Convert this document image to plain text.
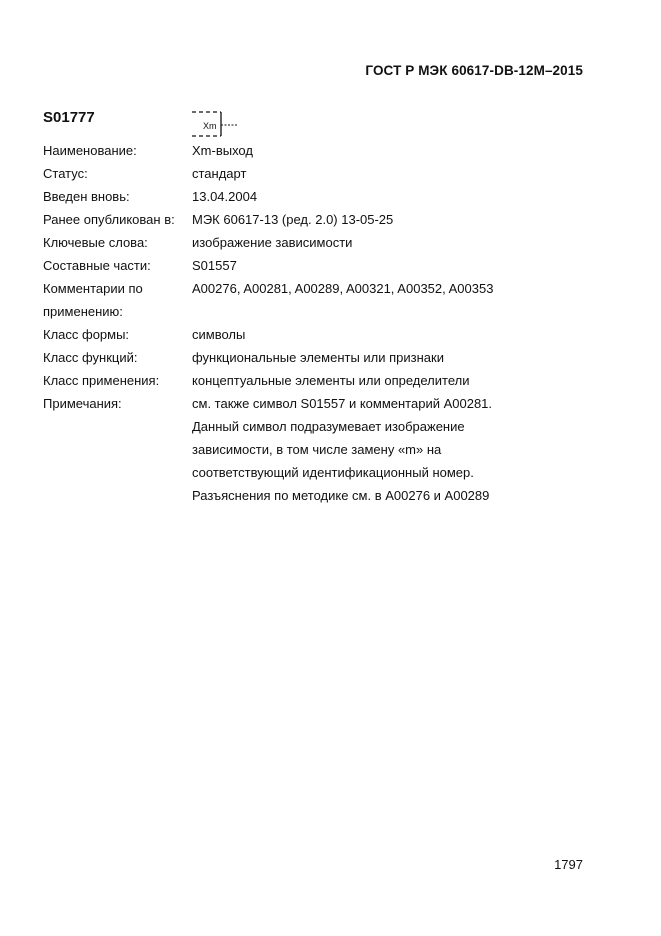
ГОСТ Р МЭК 60617-DB-12M–2015
S01777	Xm
Наименование:	Xm-выход
Статус:	стандарт
Введен вновь:	13.04.2004
Ранее опубликован в: МЭК 60617-13 (ред. 2.0) 13-05-25
Ключевые слова:	изображение зависимости
Составные части:	S01557
Комментарии по	A00276, A00281, A00289, A00321, A00352, A00353
применению:
Класс формы:	символы
Класс функций:	функциональные элементы или признаки
Класс применения:	концептуальные элементы или определители
Примечания:	см. также символ S01557 и комментарий A00281.
Данный символ подразумевает изображение
зависимости, в том числе замену «m» на
соответствующий идентификационный номер.
Разъяснения по методике см. в A00276 и A00289
1797
